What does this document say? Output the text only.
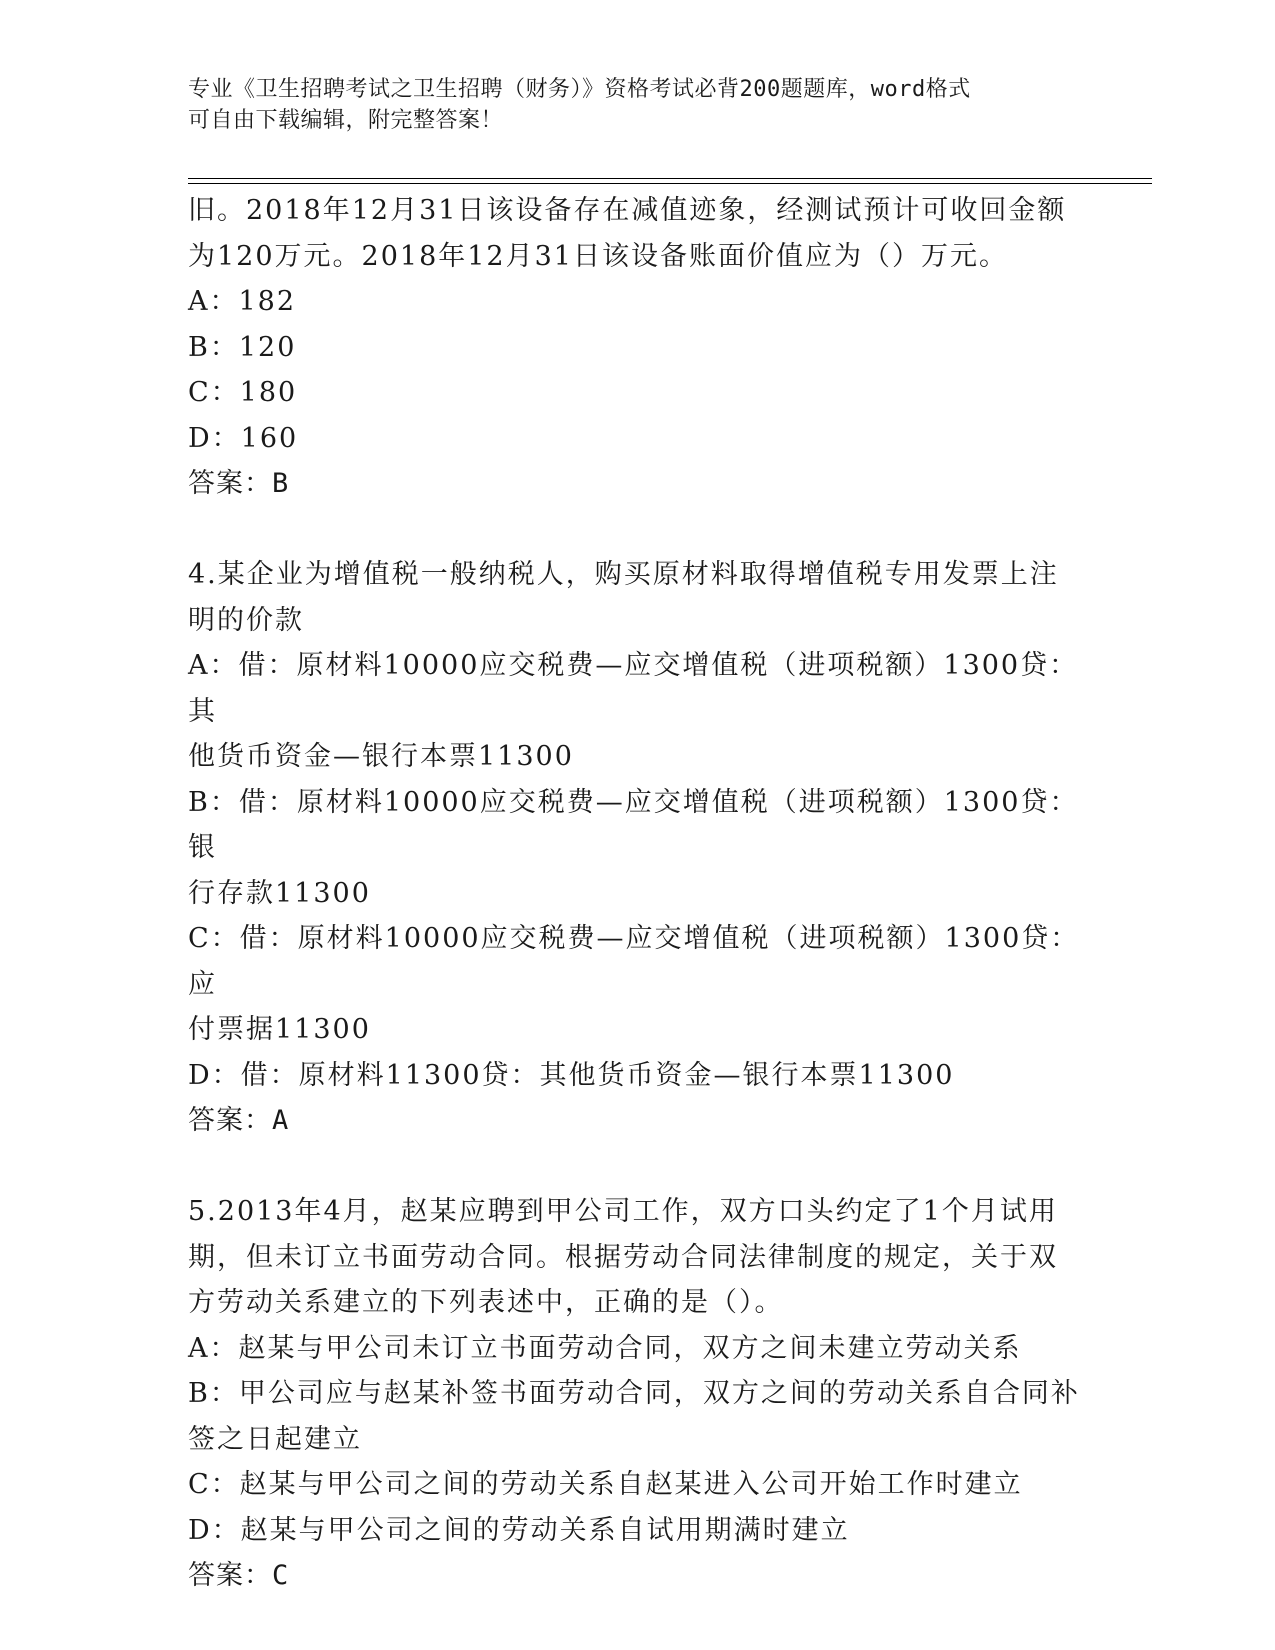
专业《卫生招聘考试之卫生招聘（财务）》资格考试必背200题题库，word格式
可自由下载编辑，附完整答案！

旧。2018年12月31日该设备存在减值迹象，经测试预计可收回金额

为120万元。2018年12月31日该设备账面价值应为（）万元。

A：182

B：120

C：180

D：160

答案：B

4.某企业为增值税一般纳税人，购买原材料取得增值税专用发票上注

明的价款

A：借：原材料10000应交税费—应交增值税（进项税额）1300贷：其

他货币资金—银行本票11300

B：借：原材料10000应交税费—应交增值税（进项税额）1300贷：银

行存款11300

C：借：原材料10000应交税费—应交增值税（进项税额）1300贷：应

付票据11300

D：借：原材料11300贷：其他货币资金—银行本票11300

答案：A

5.2013年4月，赵某应聘到甲公司工作，双方口头约定了1个月试用

期，但未订立书面劳动合同。根据劳动合同法律制度的规定，关于双

方劳动关系建立的下列表述中，正确的是（）。

A：赵某与甲公司未订立书面劳动合同，双方之间未建立劳动关系

B：甲公司应与赵某补签书面劳动合同，双方之间的劳动关系自合同补

签之日起建立

C：赵某与甲公司之间的劳动关系自赵某进入公司开始工作时建立

D：赵某与甲公司之间的劳动关系自试用期满时建立

答案：C
